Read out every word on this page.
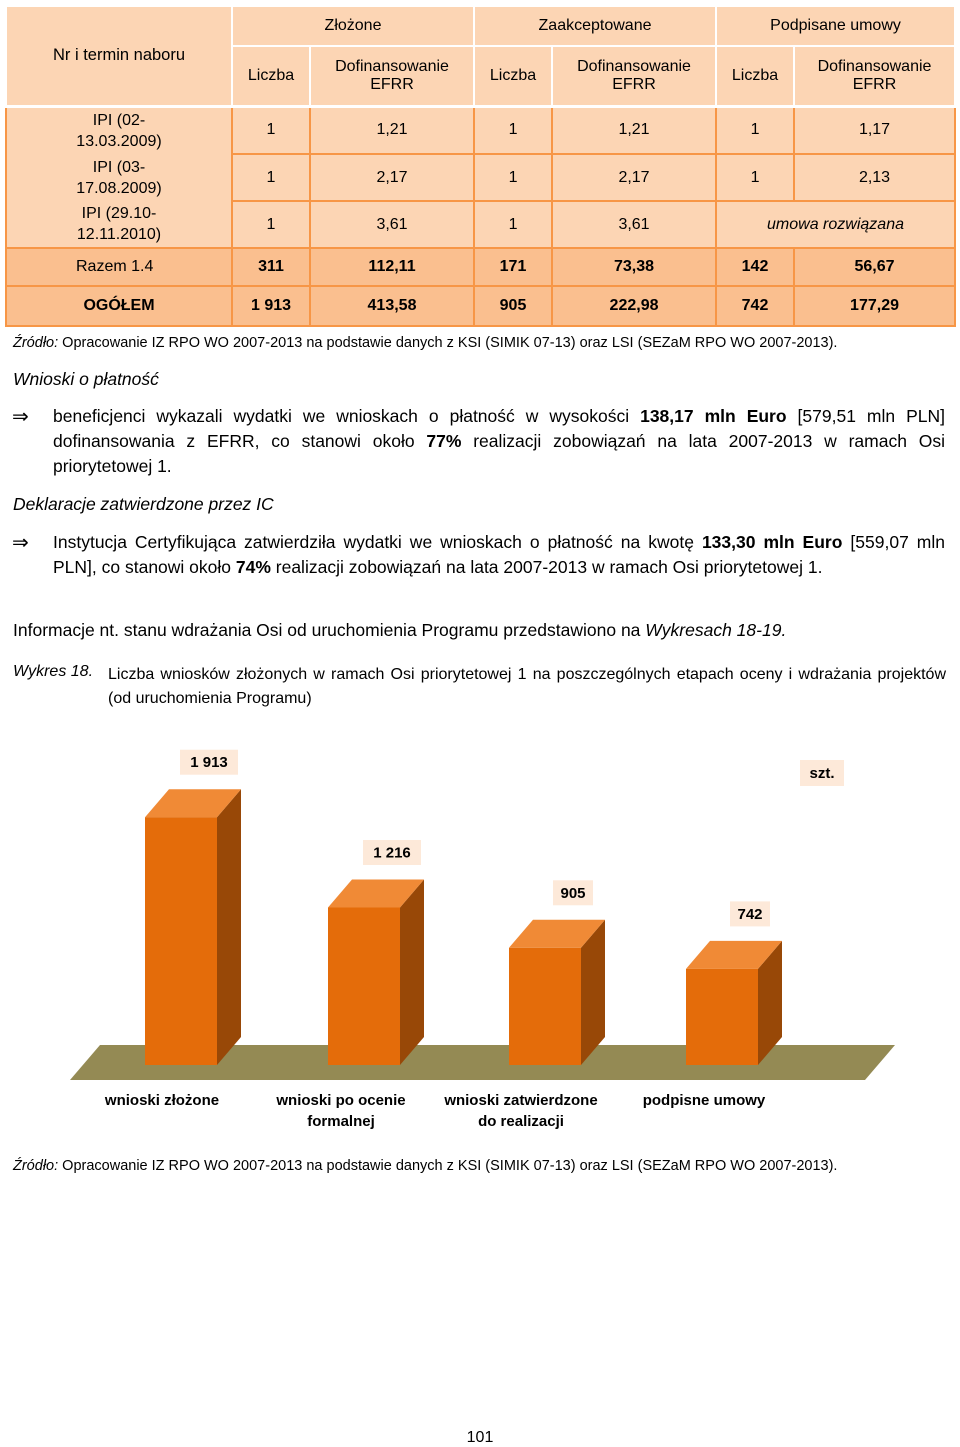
Nr i termin naboru	Złożone		Zaakceptowane		Podpisane umowy	
	Liczba	Dofinansowanie EFRR	Liczba	Dofinansowanie EFRR	Liczba	Dofinansowanie EFRR
IPI (02-13.03.2009)	1	1,21	1	1,21	1	1,17
IPI (03-17.08.2009)	1	2,17	1	2,17	1	2,13
IPI (29.10-12.11.2010)	1	3,61	1	3,61	umowa rozwiązana	
Razem 1.4	311	112,11	171	73,38	142	56,67
OGÓŁEM	1 913	413,58	905	222,98	742	177,29
Źródło: Opracowanie IZ RPO WO 2007-2013 na podstawie danych z KSI (SIMIK 07-13) oraz LSI (SEZaM RPO WO 2007-2013).
Wnioski o płatność
⇒ beneficjenci wykazali wydatki we wnioskach o płatność w wysokości 138,17 mln Euro [579,51 mln PLN] dofinansowania z EFRR, co stanowi około 77% realizacji zobowiązań na lata 2007-2013 w ramach Osi priorytetowej 1.
Deklaracje zatwierdzone przez IC
⇒ Instytucja Certyfikująca zatwierdziła wydatki we wnioskach o płatność na kwotę 133,30 mln Euro [559,07 mln PLN], co stanowi około 74% realizacji zobowiązań na lata 2007-2013 w ramach Osi priorytetowej 1.
Informacje nt. stanu wdrażania Osi od uruchomienia Programu przedstawiono na Wykresach 18-19.
Wykres 18. Liczba wniosków złożonych w ramach Osi priorytetowej 1 na poszczególnych etapach oceny i wdrażania projektów (od uruchomienia Programu)
1 913
1 216
905
742
szt.
wnioski złożone	wnioski po ocenie formalnej
wnioski zatwierdzone do realizacji
podpisne umowy
Źródło: Opracowanie IZ RPO WO 2007-2013 na podstawie danych z KSI (SIMIK 07-13) oraz LSI (SEZaM RPO WO 2007-2013).
101
